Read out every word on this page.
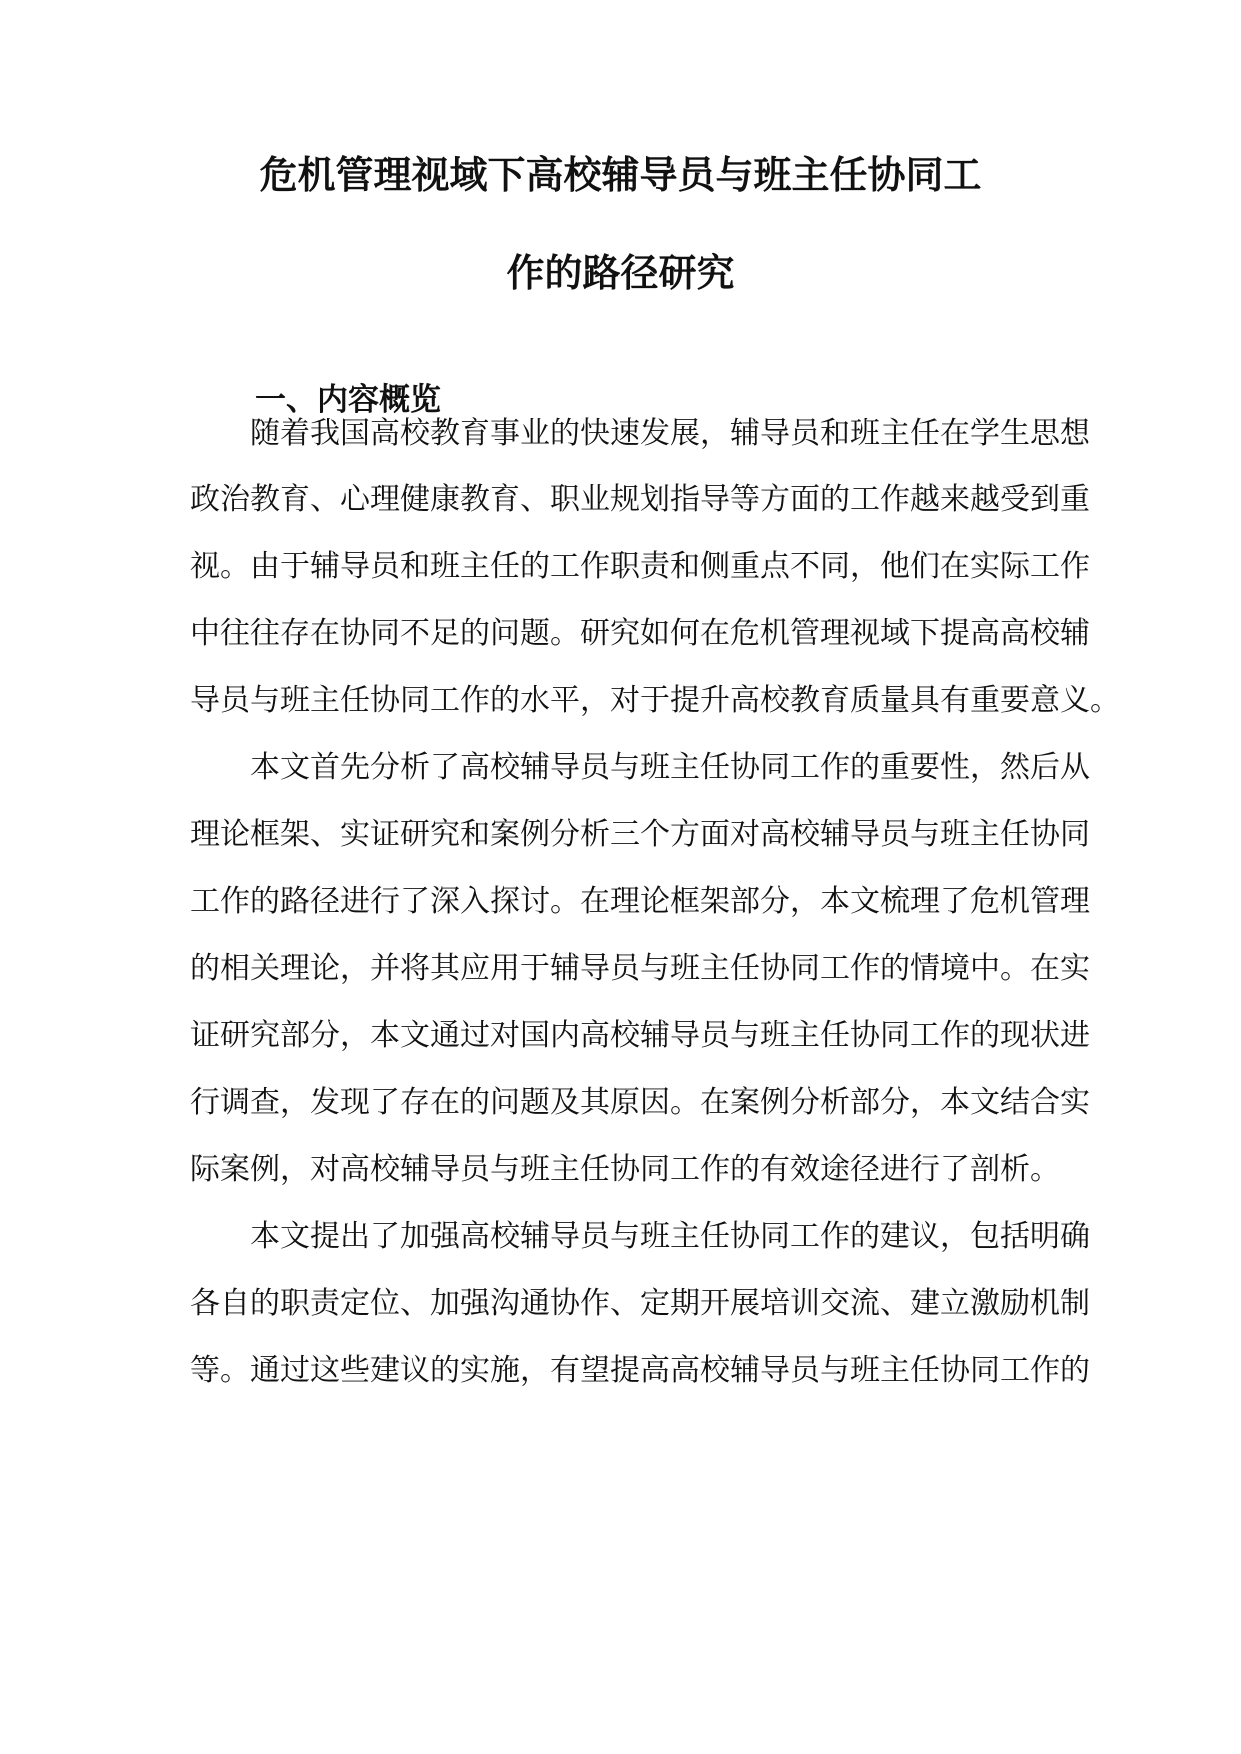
危机管理视域下高校辅导员与班主任协同工
作的路径研究
一、内容概览

随着我国高校教育事业的快速发展，辅导员和班主任在学生思想

政治教育、心理健康教育、职业规划指导等方面的工作越来越受到重

视。由于辅导员和班主任的工作职责和侧重点不同，他们在实际工作

中往往存在协同不足的问题。研究如何在危机管理视域下提高高校辅

导员与班主任协同工作的水平，对于提升高校教育质量具有重要意义。

本文首先分析了高校辅导员与班主任协同工作的重要性，然后从

理论框架、实证研究和案例分析三个方面对高校辅导员与班主任协同

工作的路径进行了深入探讨。在理论框架部分，本文梳理了危机管理

的相关理论，并将其应用于辅导员与班主任协同工作的情境中。在实

证研究部分，本文通过对国内高校辅导员与班主任协同工作的现状进

行调查，发现了存在的问题及其原因。在案例分析部分，本文结合实

际案例，对高校辅导员与班主任协同工作的有效途径进行了剖析。

本文提出了加强高校辅导员与班主任协同工作的建议，包括明确

各自的职责定位、加强沟通协作、定期开展培训交流、建立激励机制

等。通过这些建议的实施，有望提高高校辅导员与班主任协同工作的
